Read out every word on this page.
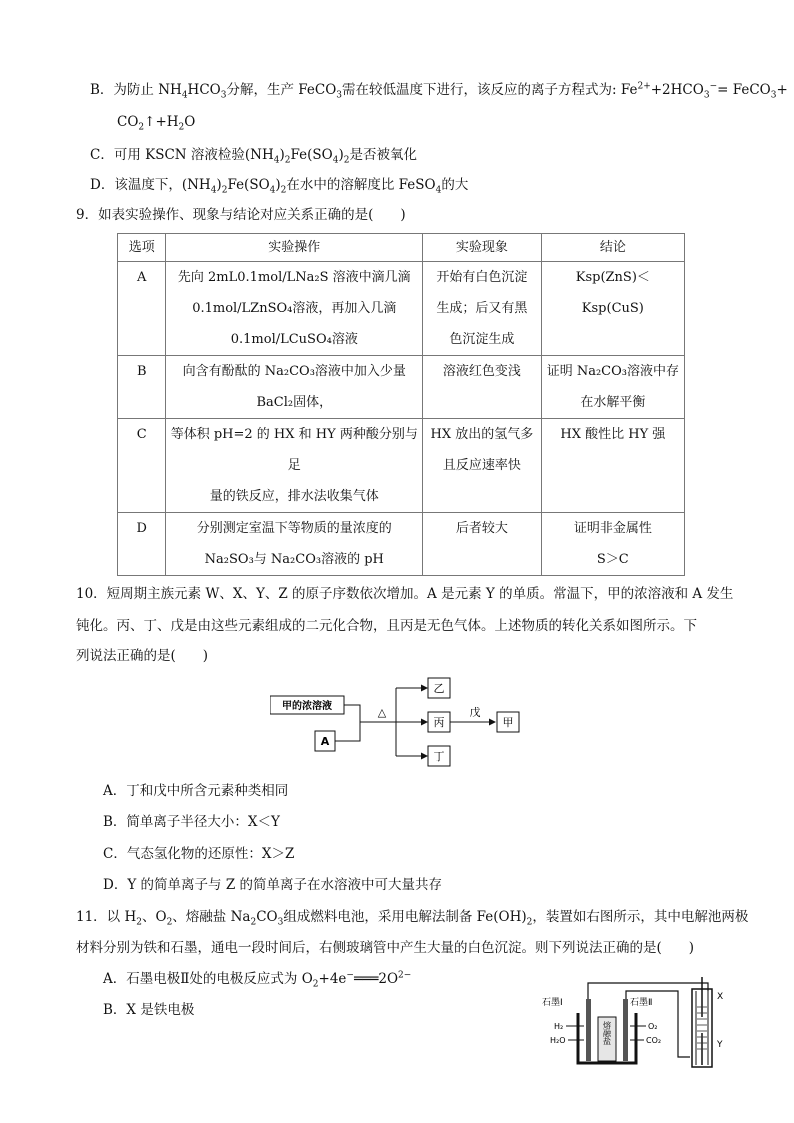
B．为防止 $NH_4HCO_3$分解，生产 FeCO$_3$需在较低温度下进行，该反应的离子方程式为: $Fe^{2+}+2HCO_3^-=$ FeCO$_3$+
$CO_2↑+H_2O$
C．可用 KSCN 溶液检验$(NH_4)_2Fe(SO_4)_2$是否被氧化
D．该温度下，$(NH_4)_2Fe(SO_4)_2$在水中的溶解度比 FeSO$_4$的大
9．如表实验操作、现象与结论对应关系正确的是(　　)
选项	实验操作	实验现象	结论
A	先向 2mL0.1mol/LNa₂S 溶液中滴几滴
0.1mol/LZnSO₄溶液，再加入几滴
0.1mol/LCuSO₄溶液	开始有白色沉淀
生成；后又有黑
色沉淀生成	Ksp(ZnS)＜Ksp(CuS)

B	向含有酚酞的 Na₂CO₃溶液中加入少量
BaCl₂固体，	溶液红色变浅	证明 Na₂CO₃溶液中存
在水解平衡

C	等体积 pH=2 的 HX 和 HY 两种酸分别与足
量的铁反应，排水法收集气体	HX 放出的氢气多
且反应速率快	HX 酸性比 HY 强

D	分别测定室温下等物质的量浓度的
Na₂SO₃与 Na₂CO₃溶液的 pH	后者较大	证明非金属性
S＞C
10．短周期主族元素 W、X、Y、Z 的原子序数依次增加。A 是元素 Y 的单质。常温下，甲的浓溶液和 A 发生
钝化。丙、丁、戊是由这些元素组成的二元化合物，且丙是无色气体。上述物质的转化关系如图所示。下
列说法正确的是(　　)
甲的浓溶液
A
△
乙
丙
丁
戊
甲
A．丁和戊中所含元素种类相同
B．简单离子半径大小：X＜Y
C．气态氢化物的还原性：X＞Z
D．Y 的简单离子与 Z 的简单离子在水溶液中可大量共存
11．以 $H_2$、$O_2$、熔融盐 $Na_2CO_3$组成燃料电池，采用电解法制备 $Fe(OH)_2$，装置如右图所示，其中电解池两极
材料分别为铁和石墨，通电一段时间后，右侧玻璃管中产生大量的白色沉淀。则下列说法正确的是(　　)
A．石墨电极Ⅱ处的电极反应式为 $O_2+4e^-═══2O^{2-}$
B．X 是铁电极
熔融盐
石墨Ⅰ	石墨Ⅱ
H₂
H₂O
O₂
CO₂
X
Y
